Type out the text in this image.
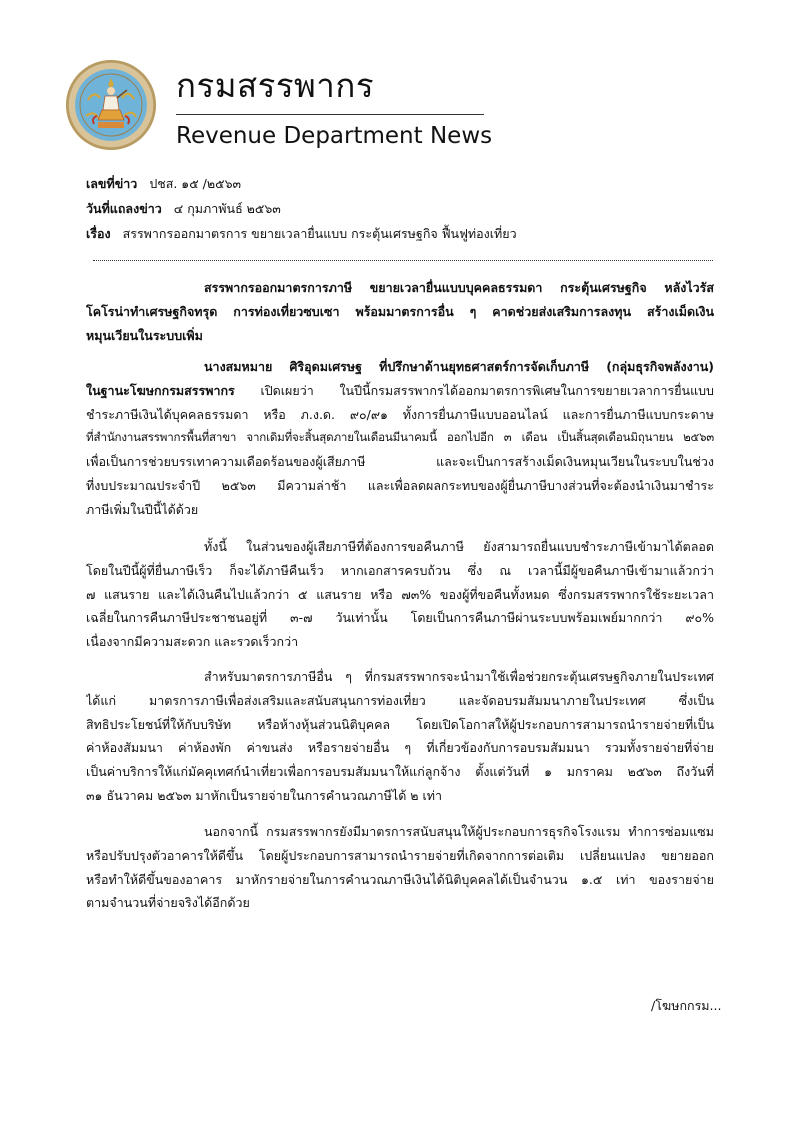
กรมสรรพากร
Revenue Department News
เลขที่ข่าว ปชส. ๑๕ /๒๕๖๓
วันที่แถลงข่าว ๔ กุมภาพันธ์ ๒๕๖๓
เรื่อง สรรพากรออกมาตรการ ขยายเวลายื่นแบบ กระตุ้นเศรษฐกิจ ฟื้นฟูท่องเที่ยว
สรรพากรออกมาตรการภาษี ขยายเวลายื่นแบบบุคคลธรรมดา กระตุ้นเศรษฐกิจ หลังไวรัส
โคโรน่าทำเศรษฐกิจทรุด การท่องเที่ยวซบเซา พร้อมมาตรการอื่น ๆ คาดช่วยส่งเสริมการลงทุน สร้างเม็ดเงิน
หมุนเวียนในระบบเพิ่ม
นางสมหมาย ศิริอุดมเศรษฐ ที่ปรึกษาด้านยุทธศาสตร์การจัดเก็บภาษี (กลุ่มธุรกิจพลังงาน)
ในฐานะโฆษกกรมสรรพากร เปิดเผยว่า ในปีนี้กรมสรรพากรได้ออกมาตรการพิเศษในการขยายเวลาการยื่นแบบ
ชำระภาษีเงินได้บุคคลธรรมดา หรือ ภ.ง.ด. ๙๐/๙๑ ทั้งการยื่นภาษีแบบออนไลน์ และการยื่นภาษีแบบกระดาษ
ที่สำนักงานสรรพากรพื้นที่สาขา จากเดิมที่จะสิ้นสุดภายในเดือนมีนาคมนี้ ออกไปอีก ๓ เดือน เป็นสิ้นสุดเดือนมิถุนายน ๒๕๖๓
เพื่อเป็นการช่วยบรรเทาความเดือดร้อนของผู้เสียภาษี และจะเป็นการสร้างเม็ดเงินหมุนเวียนในระบบในช่วง
ที่งบประมาณประจำปี ๒๕๖๓ มีความล่าช้า และเพื่อลดผลกระทบของผู้ยื่นภาษีบางส่วนที่จะต้องนำเงินมาชำระ
ภาษีเพิ่มในปีนี้ได้ด้วย
ทั้งนี้ ในส่วนของผู้เสียภาษีที่ต้องการขอคืนภาษี ยังสามารถยื่นแบบชำระภาษีเข้ามาได้ตลอด
โดยในปีนี้ผู้ที่ยื่นภาษีเร็ว ก็จะได้ภาษีคืนเร็ว หากเอกสารครบถ้วน ซึ่ง ณ เวลานี้มีผู้ขอคืนภาษีเข้ามาแล้วกว่า
๗ แสนราย และได้เงินคืนไปแล้วกว่า ๕ แสนราย หรือ ๗๓% ของผู้ที่ขอคืนทั้งหมด ซึ่งกรมสรรพากรใช้ระยะเวลา
เฉลี่ยในการคืนภาษีประชาชนอยู่ที่ ๓-๗ วันเท่านั้น โดยเป็นการคืนภาษีผ่านระบบพร้อมเพย์มากกว่า ๙๐%
เนื่องจากมีความสะดวก และรวดเร็วกว่า
สำหรับมาตรการภาษีอื่น ๆ ที่กรมสรรพากรจะนำมาใช้เพื่อช่วยกระตุ้นเศรษฐกิจภายในประเทศ
ได้แก่ มาตรการภาษีเพื่อส่งเสริมและสนับสนุนการท่องเที่ยว และจัดอบรมสัมมนาภายในประเทศ ซึ่งเป็น
สิทธิประโยชน์ที่ให้กับบริษัท หรือห้างหุ้นส่วนนิติบุคคล โดยเปิดโอกาสให้ผู้ประกอบการสามารถนำรายจ่ายที่เป็น
ค่าห้องสัมมนา ค่าห้องพัก ค่าขนส่ง หรือรายจ่ายอื่น ๆ ที่เกี่ยวข้องกับการอบรมสัมมนา รวมทั้งรายจ่ายที่จ่าย
เป็นค่าบริการให้แก่มัคคุเทศก์นำเที่ยวเพื่อการอบรมสัมมนาให้แก่ลูกจ้าง ตั้งแต่วันที่ ๑ มกราคม ๒๕๖๓ ถึงวันที่
๓๑ ธันวาคม ๒๕๖๓ มาหักเป็นรายจ่ายในการคำนวณภาษีได้ ๒ เท่า
นอกจากนี้ กรมสรรพากรยังมีมาตรการสนับสนุนให้ผู้ประกอบการธุรกิจโรงแรม ทำการซ่อมแซม
หรือปรับปรุงตัวอาคารให้ดีขึ้น โดยผู้ประกอบการสามารถนำรายจ่ายที่เกิดจากการต่อเติม เปลี่ยนแปลง ขยายออก
หรือทำให้ดีขึ้นของอาคาร มาหักรายจ่ายในการคำนวณภาษีเงินได้นิติบุคคลได้เป็นจำนวน ๑.๕ เท่า ของรายจ่าย
ตามจำนวนที่จ่ายจริงได้อีกด้วย
/โฆษกกรม...
